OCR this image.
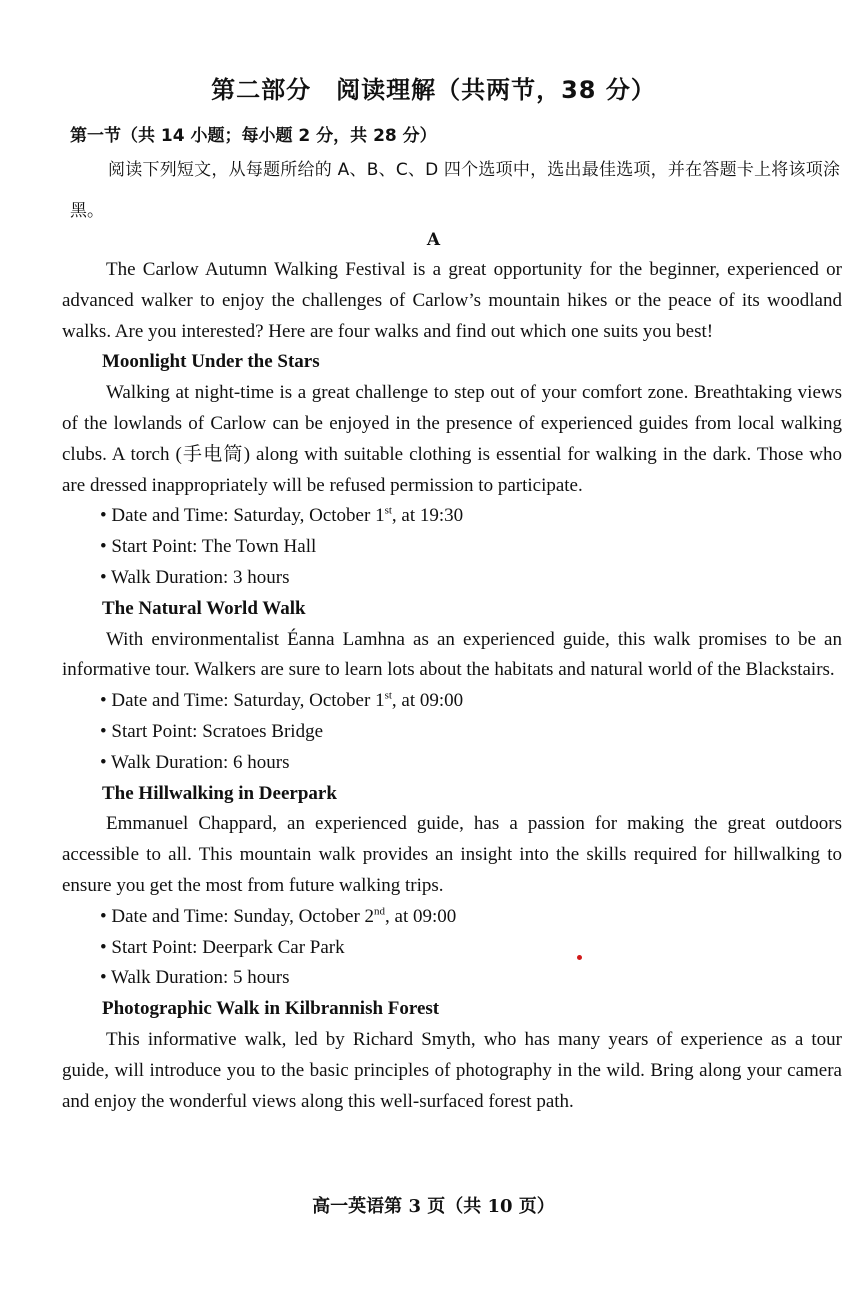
第二部分　阅读理解（共两节，38 分）
第一节（共 14 小题；每小题 2 分，共 28 分）
阅读下列短文，从每题所给的 A、B、C、D 四个选项中，选出最佳选项，并在答题卡上将该项涂黑。
A

The Carlow Autumn Walking Festival is a great opportunity for the beginner, experienced or advanced walker to enjoy the challenges of Carlow’s mountain hikes or the peace of its woodland walks. Are you interested? Here are four walks and find out which one suits you best!

Moonlight Under the Stars

Walking at night-time is a great challenge to step out of your comfort zone. Breathtaking views of the lowlands of Carlow can be enjoyed in the presence of experienced guides from local walking clubs. A torch (手电筒) along with suitable clothing is essential for walking in the dark. Those who are dressed inappropriately will be refused permission to participate.

• Date and Time: Saturday, October 1st, at 19:30

• Start Point: The Town Hall

• Walk Duration: 3 hours

The Natural World Walk

With environmentalist Éanna Lamhna as an experienced guide, this walk promises to be an informative tour. Walkers are sure to learn lots about the habitats and natural world of the Blackstairs.

• Date and Time: Saturday, October 1st, at 09:00

• Start Point: Scratoes Bridge

• Walk Duration: 6 hours

The Hillwalking in Deerpark

Emmanuel Chappard, an experienced guide, has a passion for making the great outdoors accessible to all. This mountain walk provides an insight into the skills required for hillwalking to ensure you get the most from future walking trips.

• Date and Time: Sunday, October 2nd, at 09:00

• Start Point: Deerpark Car Park

• Walk Duration: 5 hours

Photographic Walk in Kilbrannish Forest

This informative walk, led by Richard Smyth, who has many years of experience as a tour guide, will introduce you to the basic principles of photography in the wild. Bring along your camera and enjoy the wonderful views along this well-surfaced forest path.

高一英语第 3 页（共 10 页）
